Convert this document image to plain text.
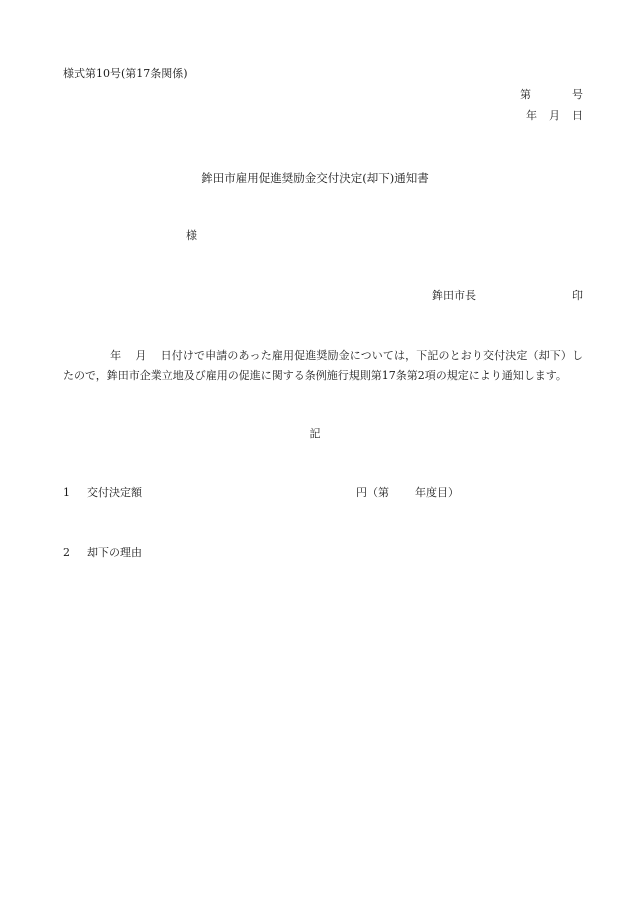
様式第10号(第17条関係)
第	号
年 月 日
鉾田市雇用促進奨励金交付決定(却下)通知書
様
鉾田市長	印
年 月 日付けで申請のあった雇用促進奨励金については，下記のとおり交付決定（却下）したので，鉾田市企業立地及び雇用の促進に関する条例施行規則第17条第2項の規定により通知します。
記
1 交付決定額	円（第 年度目）
2 却下の理由
